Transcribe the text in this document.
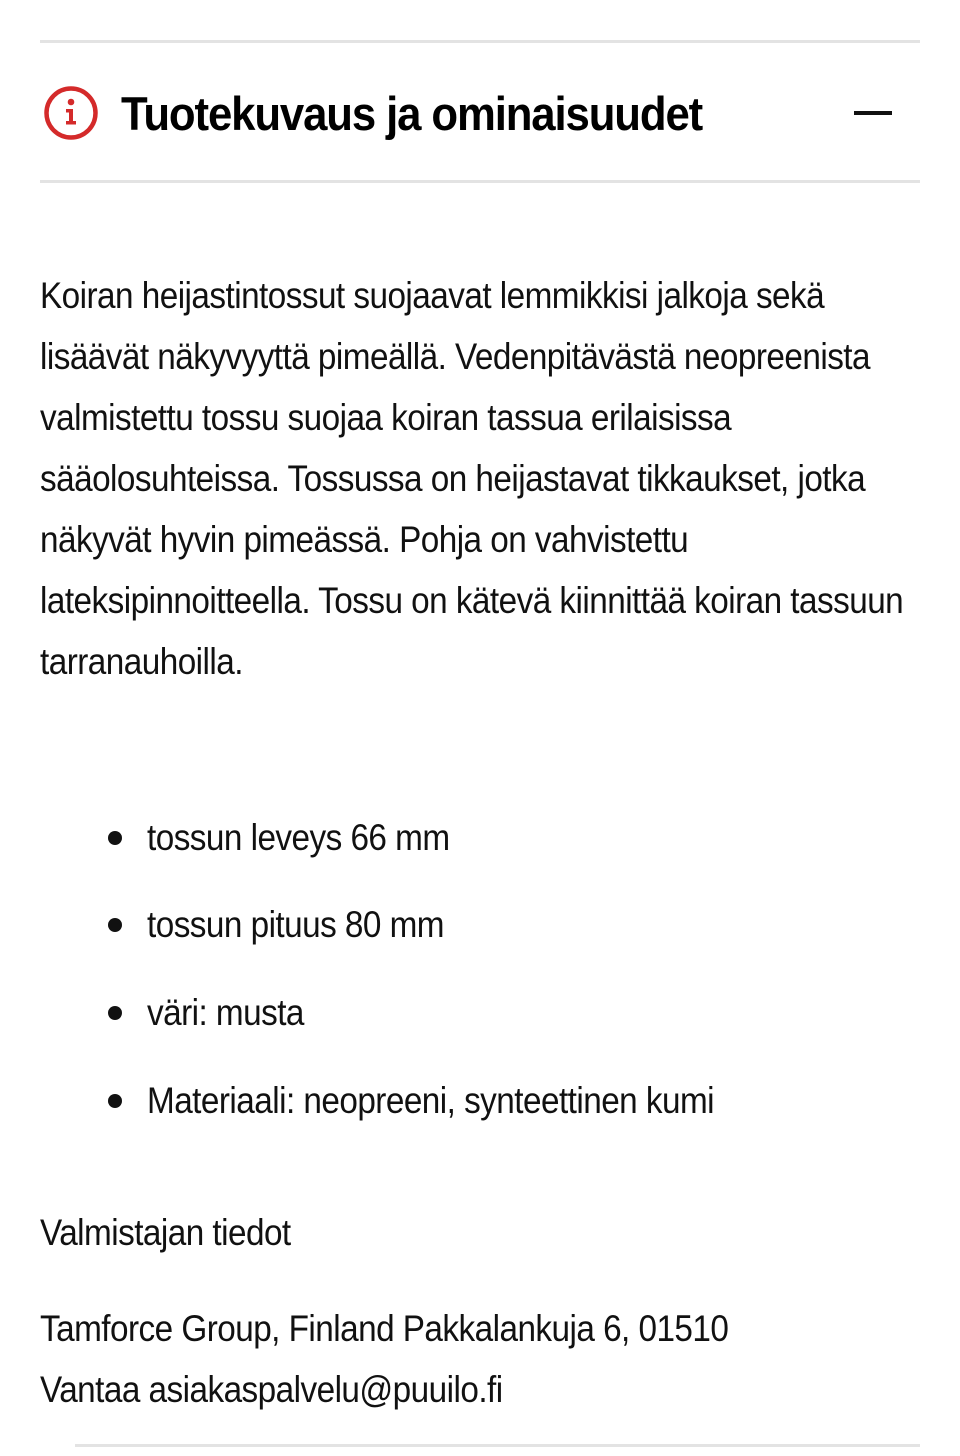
Tuotekuvaus ja ominaisuudet

Koiran heijastintossut suojaavat lemmikkisi jalkoja sekä lisäävät näkyvyyttä pimeällä. Vedenpitävästä neopreenista valmistettu tossu suojaa koiran tassua erilaisissa sääolosuhteissa. Tossussa on heijastavat tikkaukset, jotka näkyvät hyvin pimeässä. Pohja on vahvistettu lateksipinnoitteella. Tossu on kätevä kiinnittää koiran tassuun tarranauhoilla.

tossun leveys 66 mm
tossun pituus 80 mm
väri: musta
Materiaali: neopreeni, synteettinen kumi
Valmistajan tiedot
Tamforce Group, Finland Pakkalankuja 6, 01510
Vantaa asiakaspalvelu@puuilo.fi
